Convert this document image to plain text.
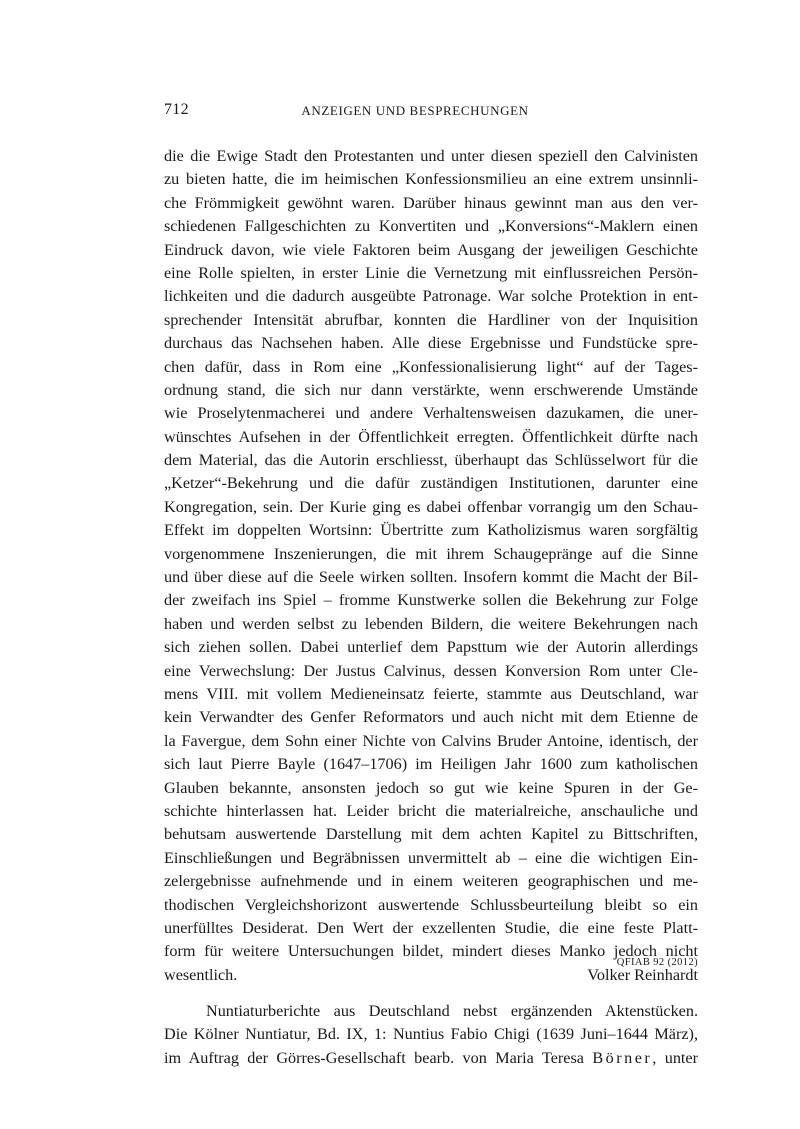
712	ANZEIGEN UND BESPRECHUNGEN
die die Ewige Stadt den Protestanten und unter diesen speziell den Calvinisten
zu bieten hatte, die im heimischen Konfessionsmilieu an eine extrem unsinnli-
che Frömmigkeit gewöhnt waren. Darüber hinaus gewinnt man aus den ver-
schiedenen Fallgeschichten zu Konvertiten und „Konversions“-Maklern einen
Eindruck davon, wie viele Faktoren beim Ausgang der jeweiligen Geschichte
eine Rolle spielten, in erster Linie die Vernetzung mit einflussreichen Persön-
lichkeiten und die dadurch ausgeübte Patronage. War solche Protektion in ent-
sprechender Intensität abrufbar, konnten die Hardliner von der Inquisition
durchaus das Nachsehen haben. Alle diese Ergebnisse und Fundstücke spre-
chen dafür, dass in Rom eine „Konfessionalisierung light“ auf der Tages-
ordnung stand, die sich nur dann verstärkte, wenn erschwerende Umstände
wie Proselytenmacherei und andere Verhaltensweisen dazukamen, die uner-
wünschtes Aufsehen in der Öffentlichkeit erregten. Öffentlichkeit dürfte nach
dem Material, das die Autorin erschliesst, überhaupt das Schlüsselwort für die
„Ketzer“-Bekehrung und die dafür zuständigen Institutionen, darunter eine
Kongregation, sein. Der Kurie ging es dabei offenbar vorrangig um den Schau-
Effekt im doppelten Wortsinn: Übertritte zum Katholizismus waren sorgfältig
vorgenommene Inszenierungen, die mit ihrem Schaugepränge auf die Sinne
und über diese auf die Seele wirken sollten. Insofern kommt die Macht der Bil-
der zweifach ins Spiel – fromme Kunstwerke sollen die Bekehrung zur Folge
haben und werden selbst zu lebenden Bildern, die weitere Bekehrungen nach
sich ziehen sollen. Dabei unterlief dem Papsttum wie der Autorin allerdings
eine Verwechslung: Der Justus Calvinus, dessen Konversion Rom unter Cle-
mens VIII. mit vollem Medieneinsatz feierte, stammte aus Deutschland, war
kein Verwandter des Genfer Reformators und auch nicht mit dem Etienne de
la Favergue, dem Sohn einer Nichte von Calvins Bruder Antoine, identisch, der
sich laut Pierre Bayle (1647–1706) im Heiligen Jahr 1600 zum katholischen
Glauben bekannte, ansonsten jedoch so gut wie keine Spuren in der Ge-
schichte hinterlassen hat. Leider bricht die materialreiche, anschauliche und
behutsam auswertende Darstellung mit dem achten Kapitel zu Bittschriften,
Einschließungen und Begräbnissen unvermittelt ab – eine die wichtigen Ein-
zelergebnisse aufnehmende und in einem weiteren geographischen und me-
thodischen Vergleichshorizont auswertende Schlussbeurteilung bleibt so ein
unerfülltes Desiderat. Den Wert der exzellenten Studie, die eine feste Platt-
form für weitere Untersuchungen bildet, mindert dieses Manko jedoch nicht
wesentlich.	Volker Reinhardt
Nuntiaturberichte aus Deutschland nebst ergänzenden Aktenstücken.
Die Kölner Nuntiatur, Bd. IX, 1: Nuntius Fabio Chigi (1639 Juni–1644 März),
im Auftrag der Görres-Gesellschaft bearb. von Maria Teresa Börner, unter
QFIAB 92 (2012)
